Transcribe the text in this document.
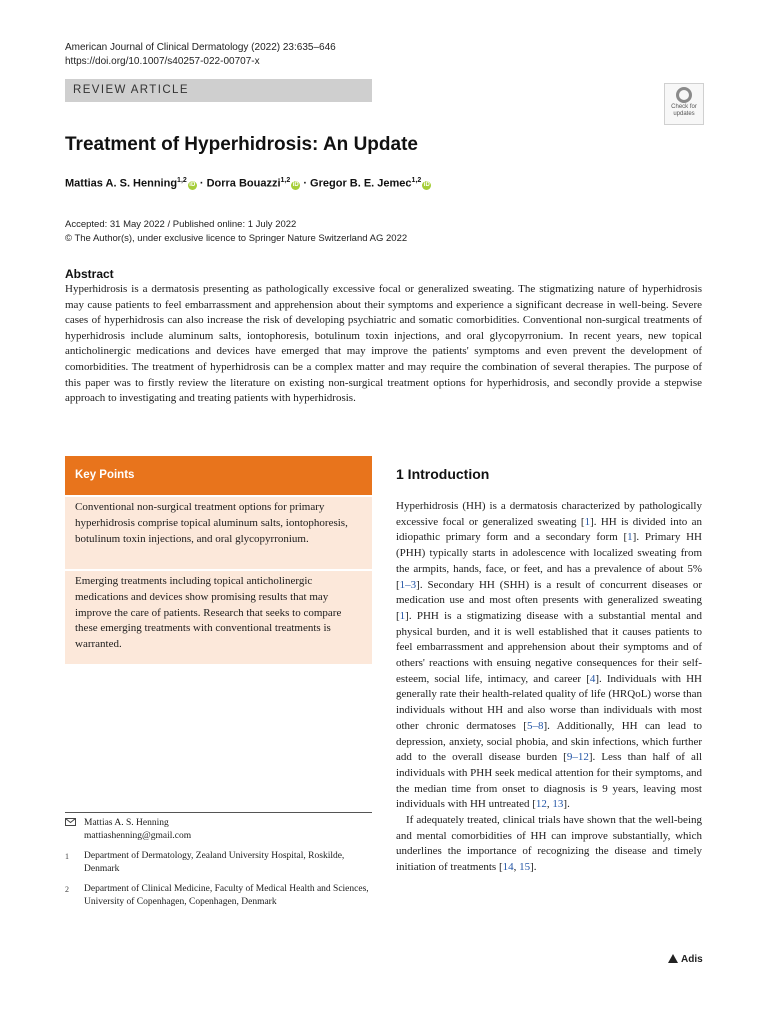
American Journal of Clinical Dermatology (2022) 23:635–646
https://doi.org/10.1007/s40257-022-00707-x
REVIEW ARTICLE
Check for
updates
Treatment of Hyperhidrosis: An Update
Mattias A. S. Henning$^{1,2}$iD · Dorra Bouazzi$^{1,2}$iD · Gregor B. E. Jemec$^{1,2}$iD
Accepted: 31 May 2022 / Published online: 1 July 2022
© The Author(s), under exclusive licence to Springer Nature Switzerland AG 2022
Abstract
Hyperhidrosis is a dermatosis presenting as pathologically excessive focal or generalized sweating. The stigmatizing nature of hyperhidrosis may cause patients to feel embarrassment and apprehension about their symptoms and experience a significant decrease in well-being. Severe cases of hyperhidrosis can also increase the risk of developing psychiatric and somatic comorbidities. Conventional non-surgical treatments of hyperhidrosis include aluminum salts, iontophoresis, botulinum toxin injections, and oral glycopyrronium. In recent years, new topical anticholinergic medications and devices have emerged that may improve the patients' symptoms and even prevent the development of comorbidities. The treatment of hyperhidrosis can be a complex matter and may require the combination of several therapies. The purpose of this paper was to firstly review the literature on existing non-surgical treatment options for hyperhidrosis, and secondly provide a stepwise approach to investigating and treating patients with hyperhidrosis.
Key Points
Conventional non-surgical treatment options for primary hyperhidrosis comprise topical aluminum salts, iontophoresis, botulinum toxin injections, and oral glycopyrronium.
Emerging treatments including topical anticholinergic medications and devices show promising results that may improve the care of patients. Research that seeks to compare these emerging treatments with conventional treatments is warranted.
Mattias A. S. Henning
mattiashenning@gmail.com
1	Department of Dermatology, Zealand University Hospital, Roskilde, Denmark
2	Department of Clinical Medicine, Faculty of Medical Health and Sciences, University of Copenhagen, Copenhagen, Denmark
1 Introduction

Hyperhidrosis (HH) is a dermatosis characterized by pathologically excessive focal or generalized sweating [1]. HH is divided into an idiopathic primary form and a secondary form [1]. Primary HH (PHH) typically starts in adolescence with localized sweating from the armpits, hands, face, or feet, and has a prevalence of about 5% [1–3]. Secondary HH (SHH) is a result of concurrent diseases or medication use and most often presents with generalized sweating [1]. PHH is a stigmatizing disease with a substantial mental and physical burden, and it is well established that it causes patients to feel embarrassment and apprehension about their symptoms and of others' reactions with ensuing negative consequences for their self-esteem, social life, intimacy, and career [4]. Individuals with HH generally rate their health-related quality of life (HRQoL) worse than individuals without HH and also worse than individuals with most other chronic dermatoses [5–8]. Additionally, HH can lead to depression, anxiety, social phobia, and skin infections, which further add to the overall disease burden [9–12]. Less than half of all individuals with PHH seek medical attention for their symptoms, and the median time from onset to diagnosis is 9 years, leaving most individuals with HH untreated [12, 13].

If adequately treated, clinical trials have shown that the well-being and mental comorbidities of HH can improve substantially, which underlines the importance of recognizing the disease and timely initiation of treatments [14, 15].

Adis
